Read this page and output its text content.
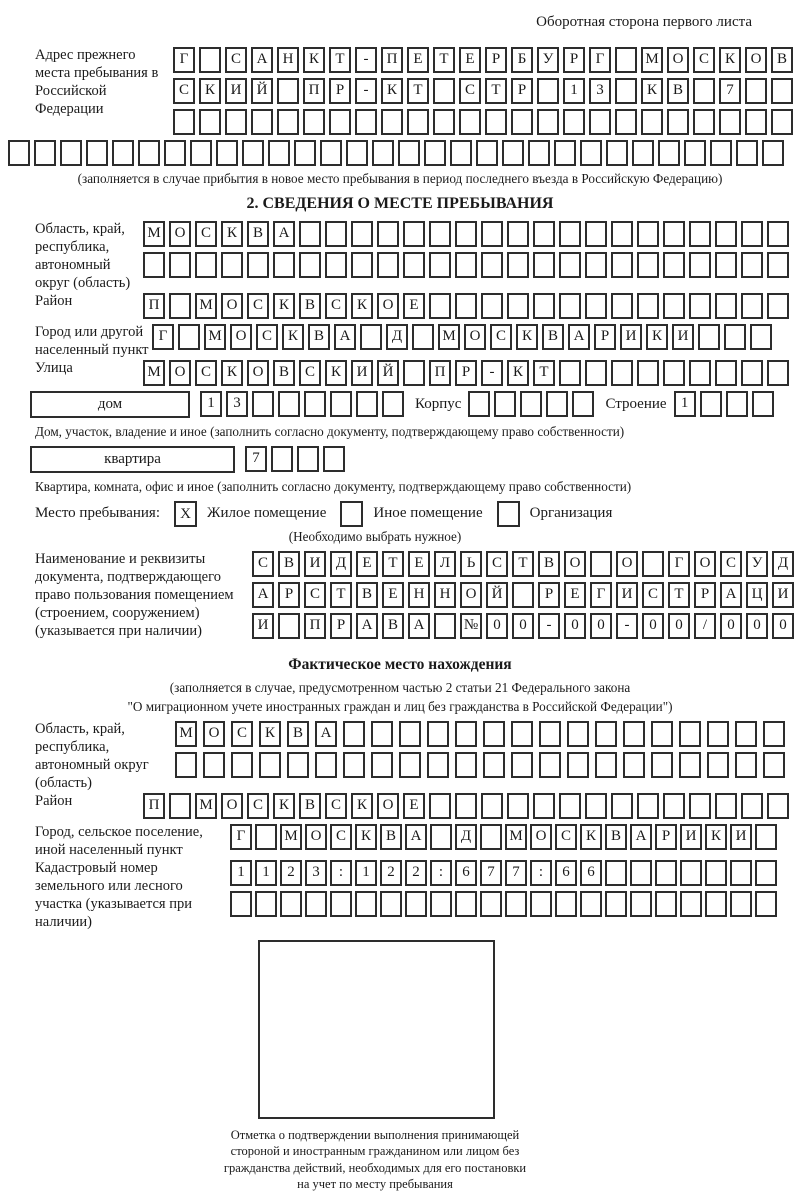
Оборотная сторона первого листа
Адрес прежнего места пребывания в Российской Федерации
Г	С А Н К Т - П Е Т Е Р Б У Р Г	М О С К О В
С К И Й	П Р - К Т	С Т Р	1 3	К В	7
(заполняется в случае прибытия в новое место пребывания в период последнего въезда в Российскую Федерацию)
2. СВЕДЕНИЯ О МЕСТЕ ПРЕБЫВАНИЯ
Область, край, республика, автономный округ (область)
М О С К В А
Район	П	М О С К В С К О Е
Город или другой населенный пункт
Г	М О С К В А	Д	М О С К В А Р И К И
Улица	М О С К О В С К И Й	П Р - К Т
дом	1 3	Корпус	Строение 1
Дом, участок, владение и иное (заполнить согласно документу, подтверждающему право собственности)
квартира	7
Квартира, комната, офис и иное (заполнить согласно документу, подтверждающему право собственности)
Место пребывания:	X	Жилое помещение	Иное помещение	Организация
(Необходимо выбрать нужное)
Наименование и реквизиты документа, подтверждающего право пользования помещением (строением, сооружением) (указывается при наличии)
С В И Д Е Т Е Л Ь С Т В О	О	Г О С У Д
А Р С Т В Е Н Н О Й	Р Е Г И С Т Р А Ц И
И	П Р А В А	№ 0 0 - 0 0 - 0 0 / 0 0 0
Фактическое место нахождения
(заполняется в случае, предусмотренном частью 2 статьи 21 Федерального закона
"О миграционном учете иностранных граждан и лиц без гражданства в Российской Федерации")
Область, край, республика, автономный округ (область)
М О С К В А
Район	П	М О С К В С К О Е
Город, сельское поселение, иной населенный пункт
Г	М О С К В А	Д	М О С К В А Р И К И
Кадастровый номер земельного или лесного участка (указывается при наличии)
1 1 2 3 : 1 2 2 : 6 7 7 : 6 6
Отметка о подтверждении выполнения принимающей
стороной и иностранным гражданином или лицом без
гражданства действий, необходимых для его постановки
на учет по месту пребывания
